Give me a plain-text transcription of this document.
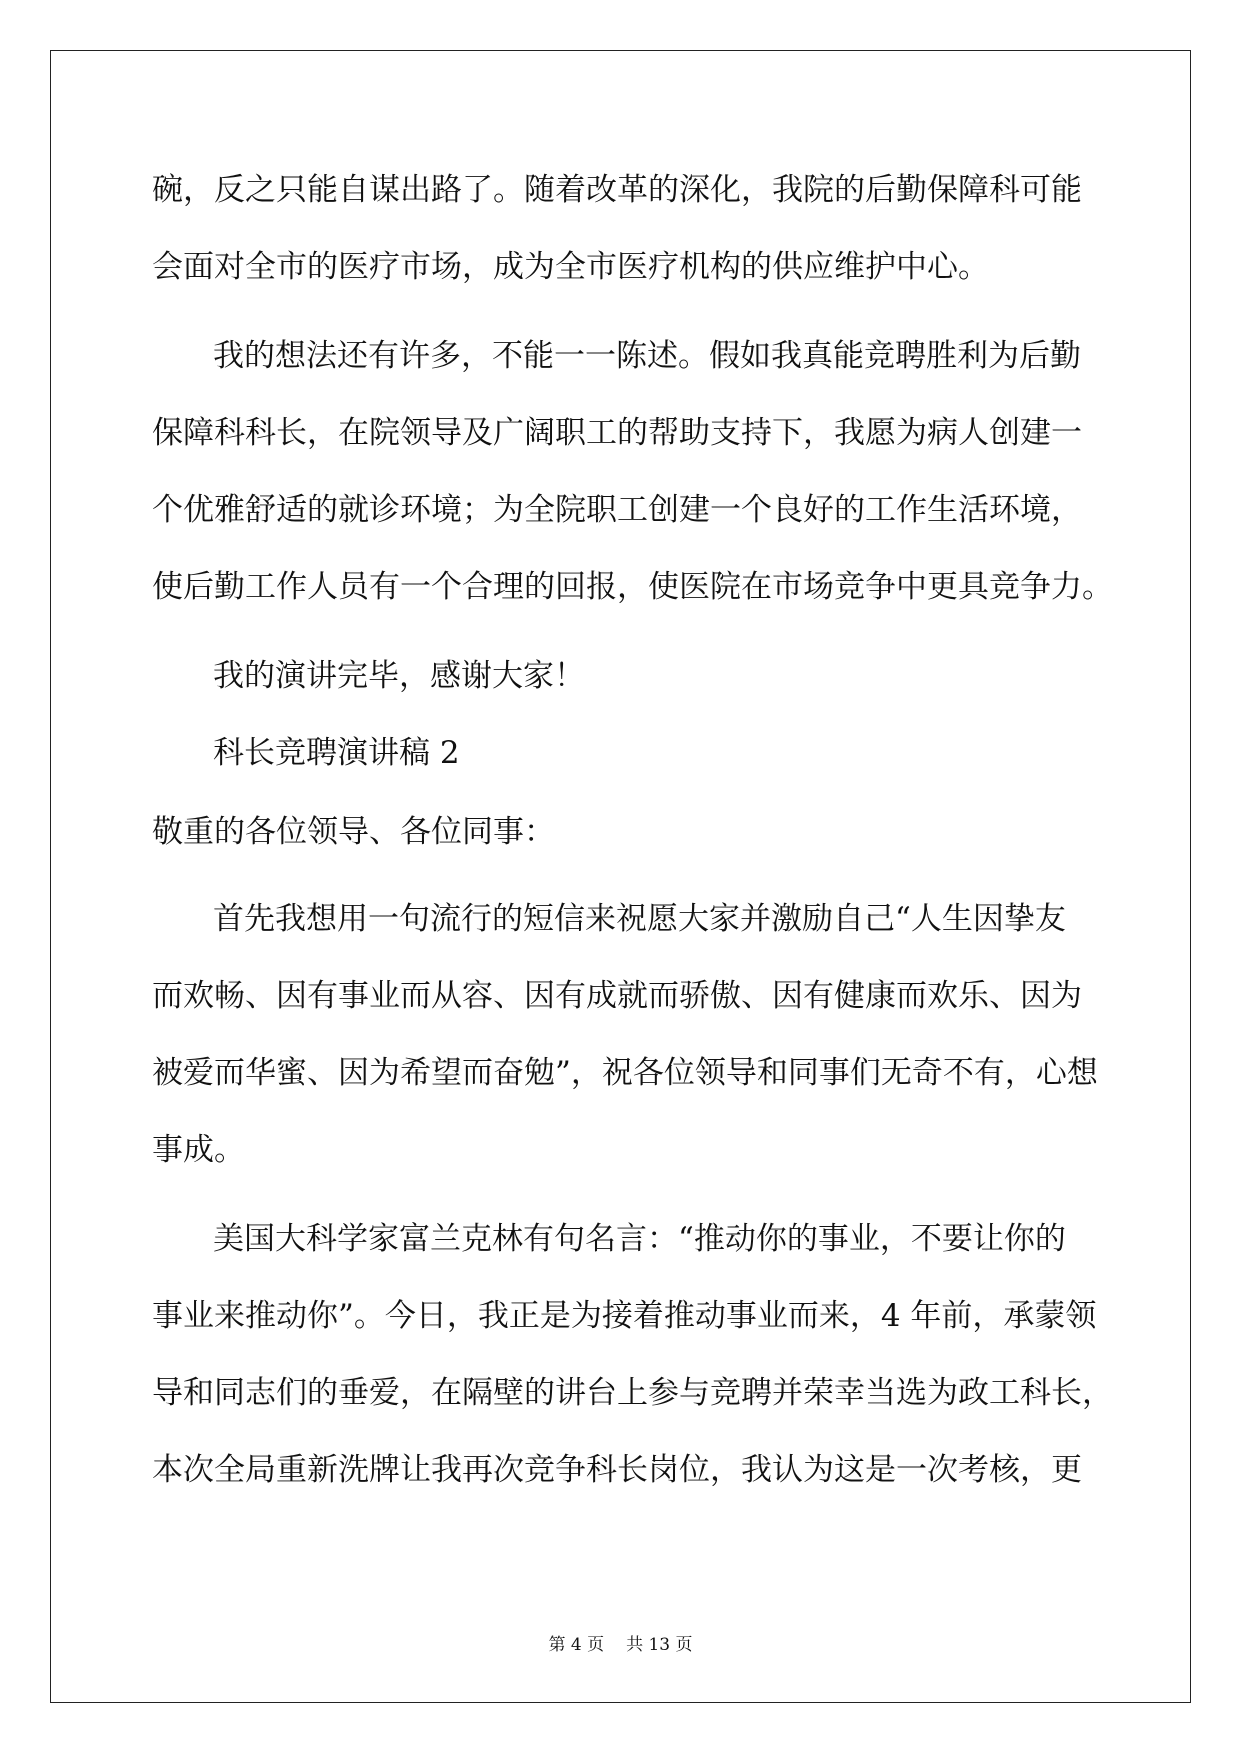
碗，反之只能自谋出路了。随着改革的深化，我院的后勤保障科可能
会面对全市的医疗市场，成为全市医疗机构的供应维护中心。
我的想法还有许多，不能一一陈述。假如我真能竞聘胜利为后勤
保障科科长，在院领导及广阔职工的帮助支持下，我愿为病人创建一
个优雅舒适的就诊环境；为全院职工创建一个良好的工作生活环境，
使后勤工作人员有一个合理的回报，使医院在市场竞争中更具竞争力。
我的演讲完毕，感谢大家！
科长竞聘演讲稿 2
敬重的各位领导、各位同事：
首先我想用一句流行的短信来祝愿大家并激励自己“人生因挚友
而欢畅、因有事业而从容、因有成就而骄傲、因有健康而欢乐、因为
被爱而华蜜、因为希望而奋勉”，祝各位领导和同事们无奇不有，心想
事成。
美国大科学家富兰克林有句名言：“推动你的事业，不要让你的
事业来推动你”。今日，我正是为接着推动事业而来，4 年前，承蒙领
导和同志们的垂爱，在隔壁的讲台上参与竞聘并荣幸当选为政工科长，
本次全局重新洗牌让我再次竞争科长岗位，我认为这是一次考核，更
第 4 页 共 13 页
